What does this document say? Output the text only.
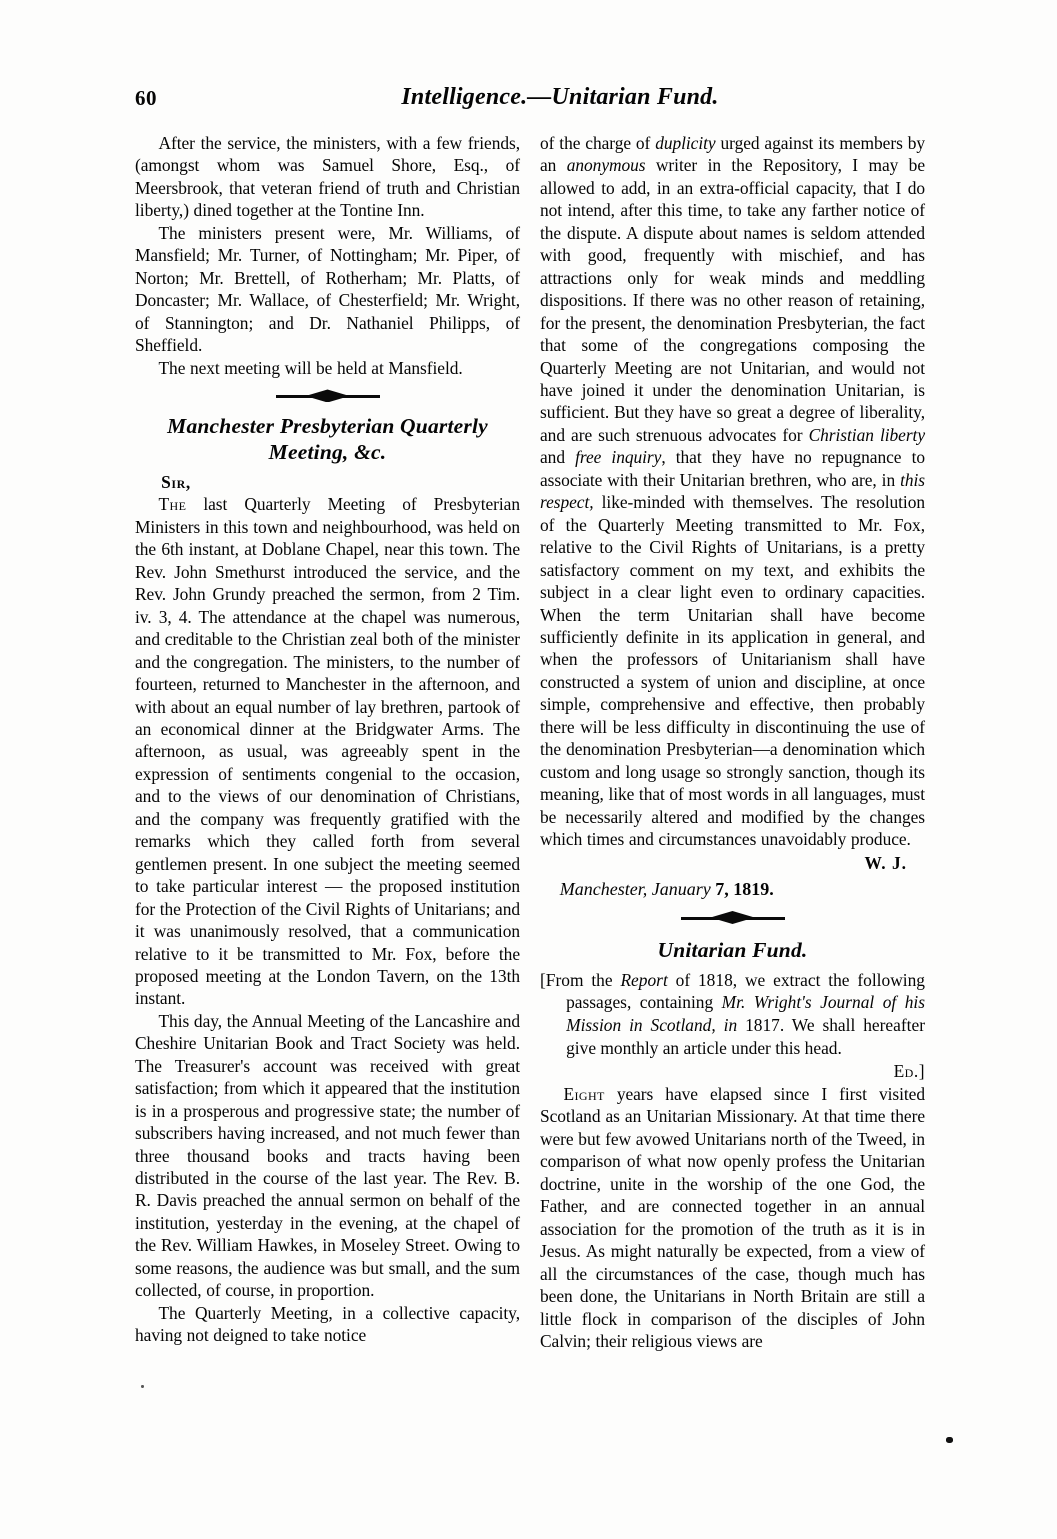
60	Intelligence.—Unitarian Fund.

After the service, the ministers, with a few friends, (amongst whom was Samuel Shore, Esq., of Meersbrook, that veteran friend of truth and Christian liberty,) dined together at the Tontine Inn.

The ministers present were, Mr. Williams, of Mansfield; Mr. Turner, of Nottingham; Mr. Piper, of Norton; Mr. Brettell, of Rotherham; Mr. Platts, of Doncaster; Mr. Wallace, of Chesterfield; Mr. Wright, of Stannington; and Dr. Nathaniel Philipps, of Sheffield.

The next meeting will be held at Mansfield.

Manchester Presbyterian Quarterly
Meeting, &c.

Sir,

The last Quarterly Meeting of Presbyterian Ministers in this town and neighbourhood, was held on the 6th instant, at Doblane Chapel, near this town. The Rev. John Smethurst introduced the service, and the Rev. John Grundy preached the sermon, from 2 Tim. iv. 3, 4. The attendance at the chapel was numerous, and creditable to the Christian zeal both of the minister and the congregation. The ministers, to the number of fourteen, returned to Manchester in the afternoon, and with about an equal number of lay brethren, partook of an economical dinner at the Bridgwater Arms. The afternoon, as usual, was agreeably spent in the expression of sentiments congenial to the occasion, and to the views of our denomination of Christians, and the company was frequently gratified with the remarks which they called forth from several gentlemen present. In one subject the meeting seemed to take particular interest — the proposed institution for the Protection of the Civil Rights of Unitarians; and it was unanimously resolved, that a communication relative to it be transmitted to Mr. Fox, before the proposed meeting at the London Tavern, on the 13th instant.

This day, the Annual Meeting of the Lancashire and Cheshire Unitarian Book and Tract Society was held. The Treasurer's account was received with great satisfaction; from which it appeared that the institution is in a prosperous and progressive state; the number of subscribers having increased, and not much fewer than three thousand books and tracts having been distributed in the course of the last year. The Rev. B. R. Davis preached the annual sermon on behalf of the institution, yesterday in the evening, at the chapel of the Rev. William Hawkes, in Moseley Street. Owing to some reasons, the audience was but small, and the sum collected, of course, in proportion.

The Quarterly Meeting, in a collective capacity, having not deigned to take notice

of the charge of duplicity urged against its members by an anonymous writer in the Repository, I may be allowed to add, in an extra-official capacity, that I do not intend, after this time, to take any farther notice of the dispute. A dispute about names is seldom attended with good, frequently with mischief, and has attractions only for weak minds and meddling dispositions. If there was no other reason of retaining, for the present, the denomination Presbyterian, the fact that some of the congregations composing the Quarterly Meeting are not Unitarian, and would not have joined it under the denomination Unitarian, is sufficient. But they have so great a degree of liberality, and are such strenuous advocates for Christian liberty and free inquiry, that they have no repugnance to associate with their Unitarian brethren, who are, in this respect, like-minded with themselves. The resolution of the Quarterly Meeting transmitted to Mr. Fox, relative to the Civil Rights of Unitarians, is a pretty satisfactory comment on my text, and exhibits the subject in a clear light even to ordinary capacities. When the term Unitarian shall have become sufficiently definite in its application in general, and when the professors of Unitarianism shall have constructed a system of union and discipline, at once simple, comprehensive and effective, then probably there will be less difficulty in discontinuing the use of the denomination Presbyterian—a denomination which custom and long usage so strongly sanction, though its meaning, like that of most words in all languages, must be necessarily altered and modified by the changes which times and circumstances unavoidably produce.

W. J.

Manchester, January 7, 1819.

Unitarian Fund.

[From the Report of 1818, we extract the following passages, containing Mr. Wright's Journal of his Mission in Scotland, in 1817. We shall hereafter give monthly an article under this head.
Ed.]

Eight years have elapsed since I first visited Scotland as an Unitarian Missionary. At that time there were but few avowed Unitarians north of the Tweed, in comparison of what now openly profess the Unitarian doctrine, unite in the worship of the one God, the Father, and are connected together in an annual association for the promotion of the truth as it is in Jesus. As might naturally be expected, from a view of all the circumstances of the case, though much has been done, the Unitarians in North Britain are still a little flock in comparison of the disciples of John Calvin; their religious views are
